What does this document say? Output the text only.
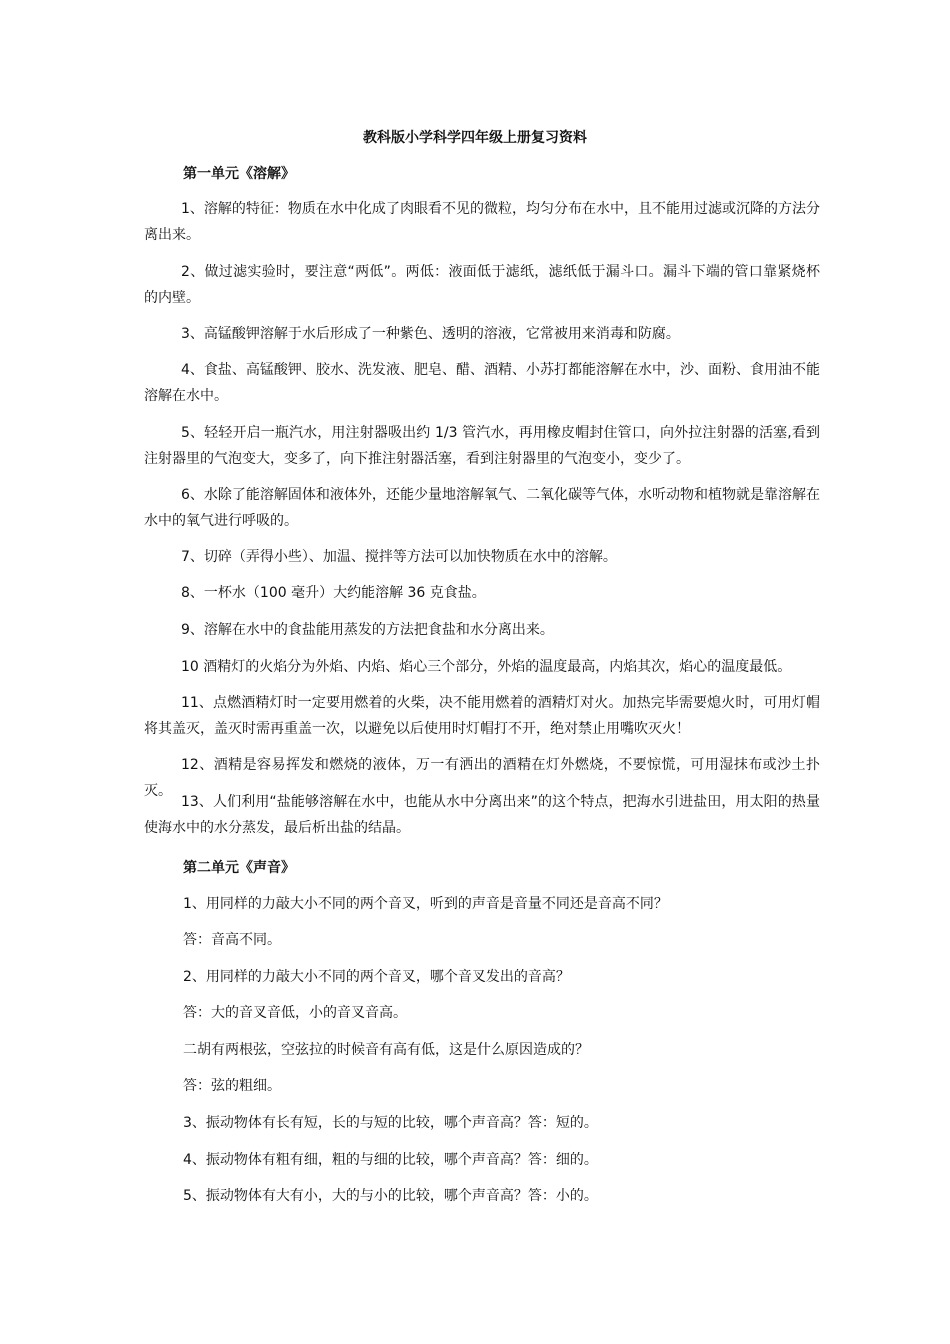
教科版小学科学四年级上册复习资料
第一单元《溶解》
1、溶解的特征：物质在水中化成了肉眼看不见的微粒，均匀分布在水中，且不能用过滤或沉降的方法分离出来。
2、做过滤实验时，要注意“两低”。两低：液面低于滤纸，滤纸低于漏斗口。漏斗下端的管口靠紧烧杯的内壁。
3、高锰酸钾溶解于水后形成了一种紫色、透明的溶液，它常被用来消毒和防腐。
4、食盐、高锰酸钾、胶水、洗发液、肥皂、醋、酒精、小苏打都能溶解在水中，沙、面粉、食用油不能溶解在水中。
5、轻轻开启一瓶汽水，用注射器吸出约 1/3 管汽水，再用橡皮帽封住管口，向外拉注射器的活塞,看到注射器里的气泡变大，变多了，向下推注射器活塞，看到注射器里的气泡变小，变少了。
6、水除了能溶解固体和液体外，还能少量地溶解氧气、二氧化碳等气体，水听动物和植物就是靠溶解在水中的氧气进行呼吸的。
7、切碎（弄得小些）、加温、搅拌等方法可以加快物质在水中的溶解。
8、一杯水（100 毫升）大约能溶解 36 克食盐。
9、溶解在水中的食盐能用蒸发的方法把食盐和水分离出来。
10 酒精灯的火焰分为外焰、内焰、焰心三个部分，外焰的温度最高，内焰其次，焰心的温度最低。
11、点燃酒精灯时一定要用燃着的火柴，决不能用燃着的酒精灯对火。加热完毕需要熄火时，可用灯帽将其盖灭，盖灭时需再重盖一次，以避免以后使用时灯帽打不开，绝对禁止用嘴吹灭火！
12、酒精是容易挥发和燃烧的液体，万一有洒出的酒精在灯外燃烧，不要惊慌，可用湿抹布或沙土扑灭。
13、人们利用“盐能够溶解在水中，也能从水中分离出来”的这个特点，把海水引进盐田，用太阳的热量使海水中的水分蒸发，最后析出盐的结晶。
第二单元《声音》
1、用同样的力敲大小不同的两个音叉，听到的声音是音量不同还是音高不同？
答：音高不同。
2、用同样的力敲大小不同的两个音叉，哪个音叉发出的音高？
答：大的音叉音低，小的音叉音高。
二胡有两根弦，空弦拉的时候音有高有低，这是什么原因造成的？
答：弦的粗细。
3、振动物体有长有短，长的与短的比较，哪个声音高？答：短的。
4、振动物体有粗有细，粗的与细的比较，哪个声音高？答：细的。
5、振动物体有大有小，大的与小的比较，哪个声音高？答：小的。
